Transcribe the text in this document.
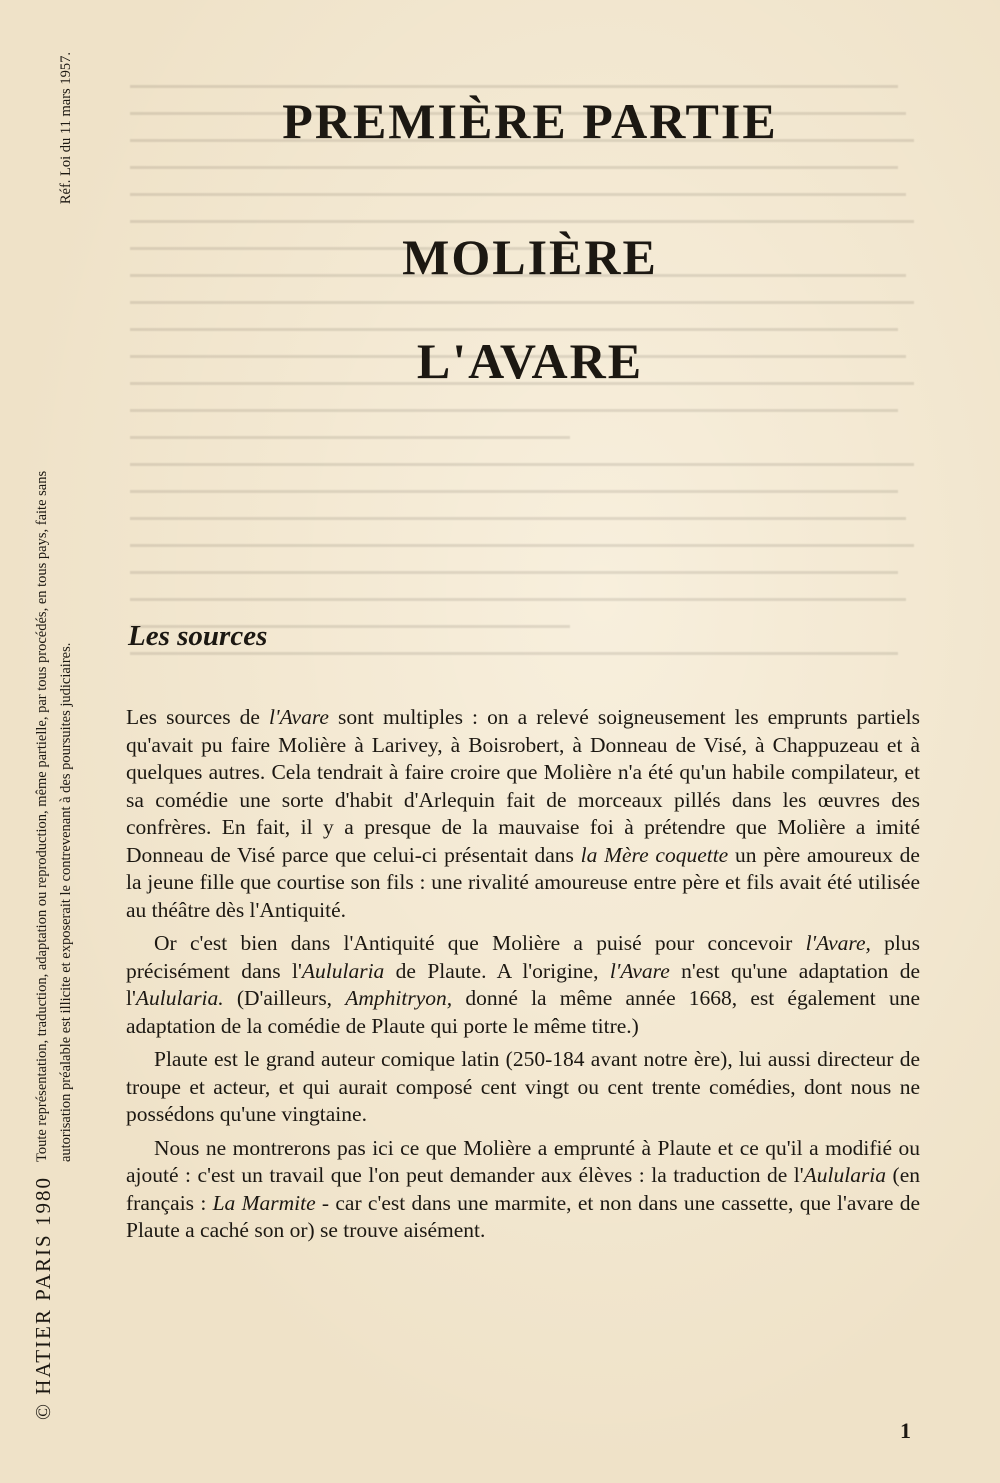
© HATIER PARIS 1980
Toute représentation, traduction, adaptation ou reproduction, même partielle, par tous procédés, en tous pays, faite sans autorisation préalable est illicite et exposerait le contrevenant à des poursuites judiciaires.
Réf. Loi du 11 mars 1957.	PREMIÈRE PARTIE
MOLIÈRE
L'AVARE
Les sources

Les sources de l'Avare sont multiples : on a relevé soigneusement les emprunts partiels qu'avait pu faire Molière à Larivey, à Boisrobert, à Donneau de Visé, à Chappuzeau et à quelques autres. Cela tendrait à faire croire que Molière n'a été qu'un habile compilateur, et sa comédie une sorte d'habit d'Arlequin fait de morceaux pillés dans les œuvres des confrères. En fait, il y a presque de la mauvaise foi à prétendre que Molière a imité Donneau de Visé parce que celui-ci présentait dans la Mère coquette un père amoureux de la jeune fille que courtise son fils : une rivalité amoureuse entre père et fils avait été utilisée au théâtre dès l'Antiquité.

Or c'est bien dans l'Antiquité que Molière a puisé pour concevoir l'Avare, plus précisément dans l'Aulularia de Plaute. A l'origine, l'Avare n'est qu'une adaptation de l'Aulularia. (D'ailleurs, Amphitryon, donné la même année 1668, est également une adaptation de la comédie de Plaute qui porte le même titre.)

Plaute est le grand auteur comique latin (250-184 avant notre ère), lui aussi directeur de troupe et acteur, et qui aurait composé cent vingt ou cent trente comédies, dont nous ne possédons qu'une vingtaine.

Nous ne montrerons pas ici ce que Molière a emprunté à Plaute et ce qu'il a modifié ou ajouté : c'est un travail que l'on peut demander aux élèves : la traduction de l'Aulularia (en français : La Marmite - car c'est dans une marmite, et non dans une cassette, que l'avare de Plaute a caché son or) se trouve aisément.

1
